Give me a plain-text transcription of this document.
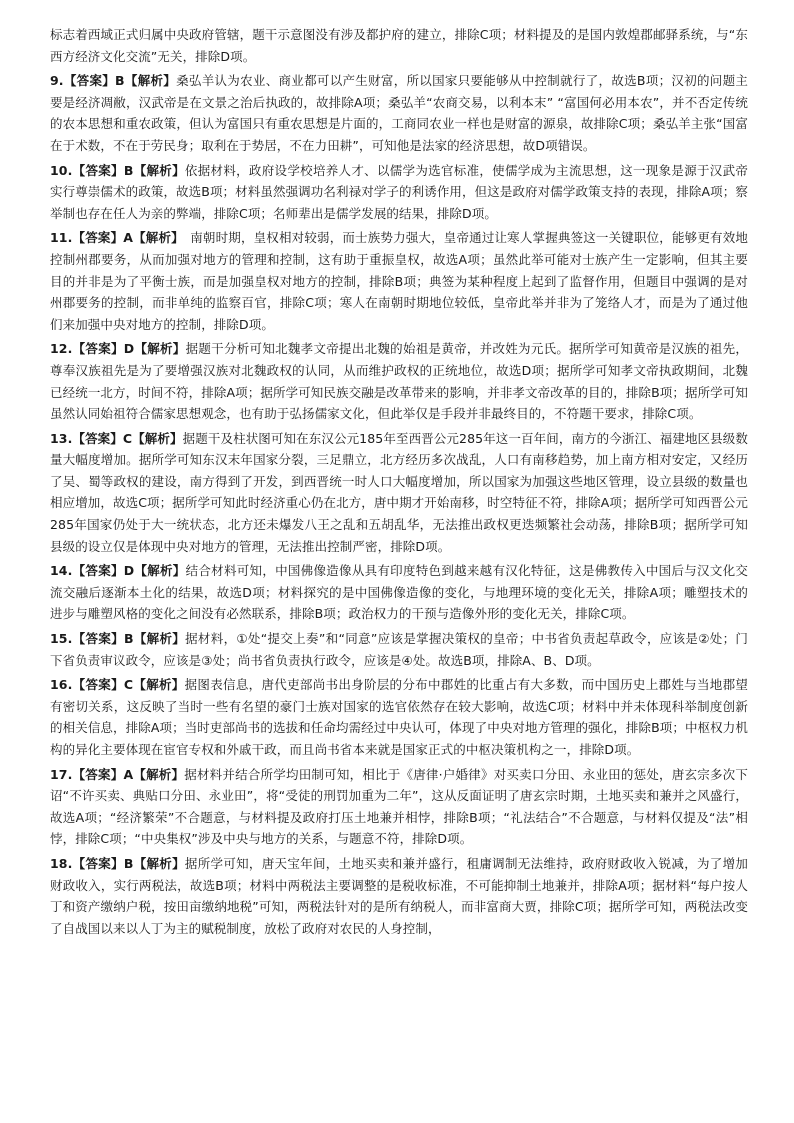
标志着西域正式归属中央政府管辖，题干示意图没有涉及都护府的建立，排除C项；材料提及的是国内敦煌郡邮驿系统，与“东西方经济文化交流”无关，排除D项。

9.【答案】B【解析】桑弘羊认为农业、商业都可以产生财富，所以国家只要能够从中控制就行了，故选B项；汉初的问题主要是经济凋敝，汉武帝是在文景之治后执政的，故排除A项；桑弘羊“农商交易，以利本末” “富国何必用本农”，并不否定传统的农本思想和重农政策，但认为富国只有重农思想是片面的，工商同农业一样也是财富的源泉，故排除C项；桑弘羊主张“国富在于术数，不在于劳民身；取利在于势居，不在力田耕”，可知他是法家的经济思想，故D项错误。

10.【答案】B【解析】依据材料，政府设学校培养人才、以儒学为选官标准，使儒学成为主流思想，这一现象是源于汉武帝实行尊崇儒术的政策，故选B项；材料虽然强调功名利禄对学子的利诱作用，但这是政府对儒学政策支持的表现，排除A项；察举制也存在任人为亲的弊端，排除C项；名师辈出是儒学发展的结果，排除D项。

11.【答案】A【解析】　南朝时期，皇权相对较弱，而士族势力强大，皇帝通过让寒人掌握典签这一关键职位，能够更有效地控制州郡要务，从而加强对地方的管理和控制，这有助于重振皇权，故选A项；虽然此举可能对士族产生一定影响，但其主要目的并非是为了平衡士族，而是加强皇权对地方的控制，排除B项；典签为某种程度上起到了监督作用，但题目中强调的是对州郡要务的控制，而非单纯的监察百官，排除C项；寒人在南朝时期地位较低，皇帝此举并非为了笼络人才，而是为了通过他们来加强中央对地方的控制，排除D项。

12.【答案】D【解析】据题干分析可知北魏孝文帝提出北魏的始祖是黄帝，并改姓为元氏。据所学可知黄帝是汉族的祖先，尊奉汉族祖先是为了要增强汉族对北魏政权的认同，从而维护政权的正统地位，故选D项；据所学可知孝文帝执政期间，北魏已经统一北方，时间不符，排除A项；据所学可知民族交融是改革带来的影响，并非孝文帝改革的目的，排除B项；据所学可知虽然认同始祖符合儒家思想观念，也有助于弘扬儒家文化，但此举仅是手段并非最终目的，不符题干要求，排除C项。

13.【答案】C【解析】据题干及柱状图可知在东汉公元185年至西晋公元285年这一百年间，南方的今浙江、福建地区县级数量大幅度增加。据所学可知东汉末年国家分裂，三足鼎立，北方经历多次战乱，人口有南移趋势，加上南方相对安定，又经历了吴、蜀等政权的建设，南方得到了开发，到西晋统一时人口大幅度增加，所以国家为加强这些地区管理，设立县级的数量也相应增加，故选C项；据所学可知此时经济重心仍在北方，唐中期才开始南移，时空特征不符，排除A项；据所学可知西晋公元285年国家仍处于大一统状态，北方还未爆发八王之乱和五胡乱华，无法推出政权更迭频繁社会动荡，排除B项；据所学可知县级的设立仅是体现中央对地方的管理，无法推出控制严密，排除D项。

14.【答案】D【解析】结合材料可知，中国佛像造像从具有印度特色到越来越有汉化特征，这是佛教传入中国后与汉文化交流交融后逐渐本土化的结果，故选D项；材料探究的是中国佛像造像的变化，与地理环境的变化无关，排除A项；雕塑技术的进步与雕塑风格的变化之间没有必然联系，排除B项；政治权力的干预与造像外形的变化无关，排除C项。

15.【答案】B【解析】据材料，①处“提交上奏”和“同意”应该是掌握决策权的皇帝；中书省负责起草政令，应该是②处；门下省负责审议政令，应该是③处；尚书省负责执行政令，应该是④处。故选B项，排除A、B、D项。

16.【答案】C【解析】据图表信息，唐代吏部尚书出身阶层的分布中郡姓的比重占有大多数，而中国历史上郡姓与当地郡望有密切关系，这反映了当时一些有名望的豪门士族对国家的选官依然存在较大影响，故选C项；材料中并未体现科举制度创新的相关信息，排除A项；当时吏部尚书的选拔和任命均需经过中央认可，体现了中央对地方管理的强化，排除B项；中枢权力机构的异化主要体现在宦官专权和外戚干政，而且尚书省本来就是国家正式的中枢决策机构之一，排除D项。

17.【答案】A【解析】据材料并结合所学均田制可知，相比于《唐律·户婚律》对买卖口分田、永业田的惩处，唐玄宗多次下诏“不许买卖、典贴口分田、永业田”，将“受徒的刑罚加重为二年”，这从反面证明了唐玄宗时期，土地买卖和兼并之风盛行，故选A项；“经济繁荣”不合题意，与材料提及政府打压土地兼并相悖，排除B项；“礼法结合”不合题意，与材料仅提及“法”相悖，排除C项；“中央集权”涉及中央与地方的关系，与题意不符，排除D项。

18.【答案】B【解析】据所学可知，唐天宝年间，土地买卖和兼并盛行，租庸调制无法维持，政府财政收入锐减，为了增加财政收入，实行两税法，故选B项；材料中两税法主要调整的是税收标准，不可能抑制土地兼并，排除A项；据材料“每户按人丁和资产缴纳户税，按田亩缴纳地税”可知，两税法针对的是所有纳税人，而非富商大贾，排除C项；据所学可知，两税法改变了自战国以来以人丁为主的赋税制度，放松了政府对农民的人身控制，
